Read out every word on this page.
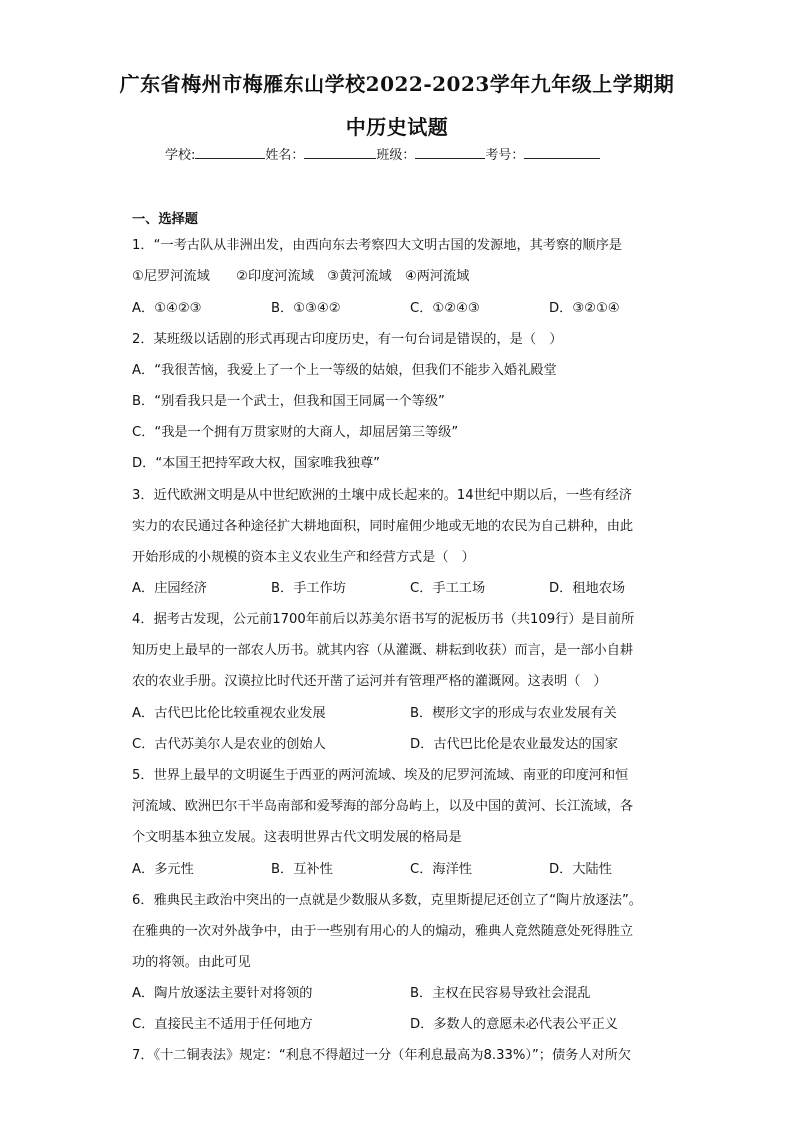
广东省梅州市梅雁东山学校2022-2023学年九年级上学期期
中历史试题
学校:	姓名：	班级：	考号：
一、选择题
1．“一考古队从非洲出发，由西向东去考察四大文明古国的发源地，其考察的顺序是
①尼罗河流域　　②印度河流域　③黄河流域　④两河流域
A．①④②③	B．①③④②	C．①②④③	D．③②①④
2．某班级以话剧的形式再现古印度历史，有一句台词是错误的，是（　）
A．“我很苦恼，我爱上了一个上一等级的姑娘，但我们不能步入婚礼殿堂
B．“别看我只是一个武士，但我和国王同属一个等级”
C．“我是一个拥有万贯家财的大商人，却屈居第三等级”
D．“本国王把持军政大权，国家唯我独尊”
3．近代欧洲文明是从中世纪欧洲的土壤中成长起来的。14世纪中期以后，一些有经济
实力的农民通过各种途径扩大耕地面积，同时雇佣少地或无地的农民为自己耕种，由此
开始形成的小规模的资本主义农业生产和经营方式是（　）
A．庄园经济	B．手工作坊	C．手工工场	D．租地农场
4．据考古发现，公元前1700年前后以苏美尔语书写的泥板历书（共109行）是目前所
知历史上最早的一部农人历书。就其内容（从灌溉、耕耘到收获）而言，是一部小自耕
农的农业手册。汉谟拉比时代还开凿了运河并有管理严格的灌溉网。这表明（　）
A．古代巴比伦比较重视农业发展	B．楔形文字的形成与农业发展有关
C．古代苏美尔人是农业的创始人	D．古代巴比伦是农业最发达的国家
5．世界上最早的文明诞生于西亚的两河流域、埃及的尼罗河流域、南亚的印度河和恒
河流域、欧洲巴尔干半岛南部和爱琴海的部分岛屿上，以及中国的黄河、长江流域，各
个文明基本独立发展。这表明世界古代文明发展的格局是
A．多元性	B．互补性	C．海洋性	D．大陆性
6．雅典民主政治中突出的一点就是少数服从多数，克里斯提尼还创立了“陶片放逐法”。
在雅典的一次对外战争中，由于一些别有用心的人的煽动，雅典人竟然随意处死得胜立
功的将领。由此可见
A．陶片放逐法主要针对将领的	B．主权在民容易导致社会混乱
C．直接民主不适用于任何地方	D．多数人的意愿未必代表公平正义
7．《十二铜表法》规定：“利息不得超过一分（年利息最高为8.33%）”；债务人对所欠
